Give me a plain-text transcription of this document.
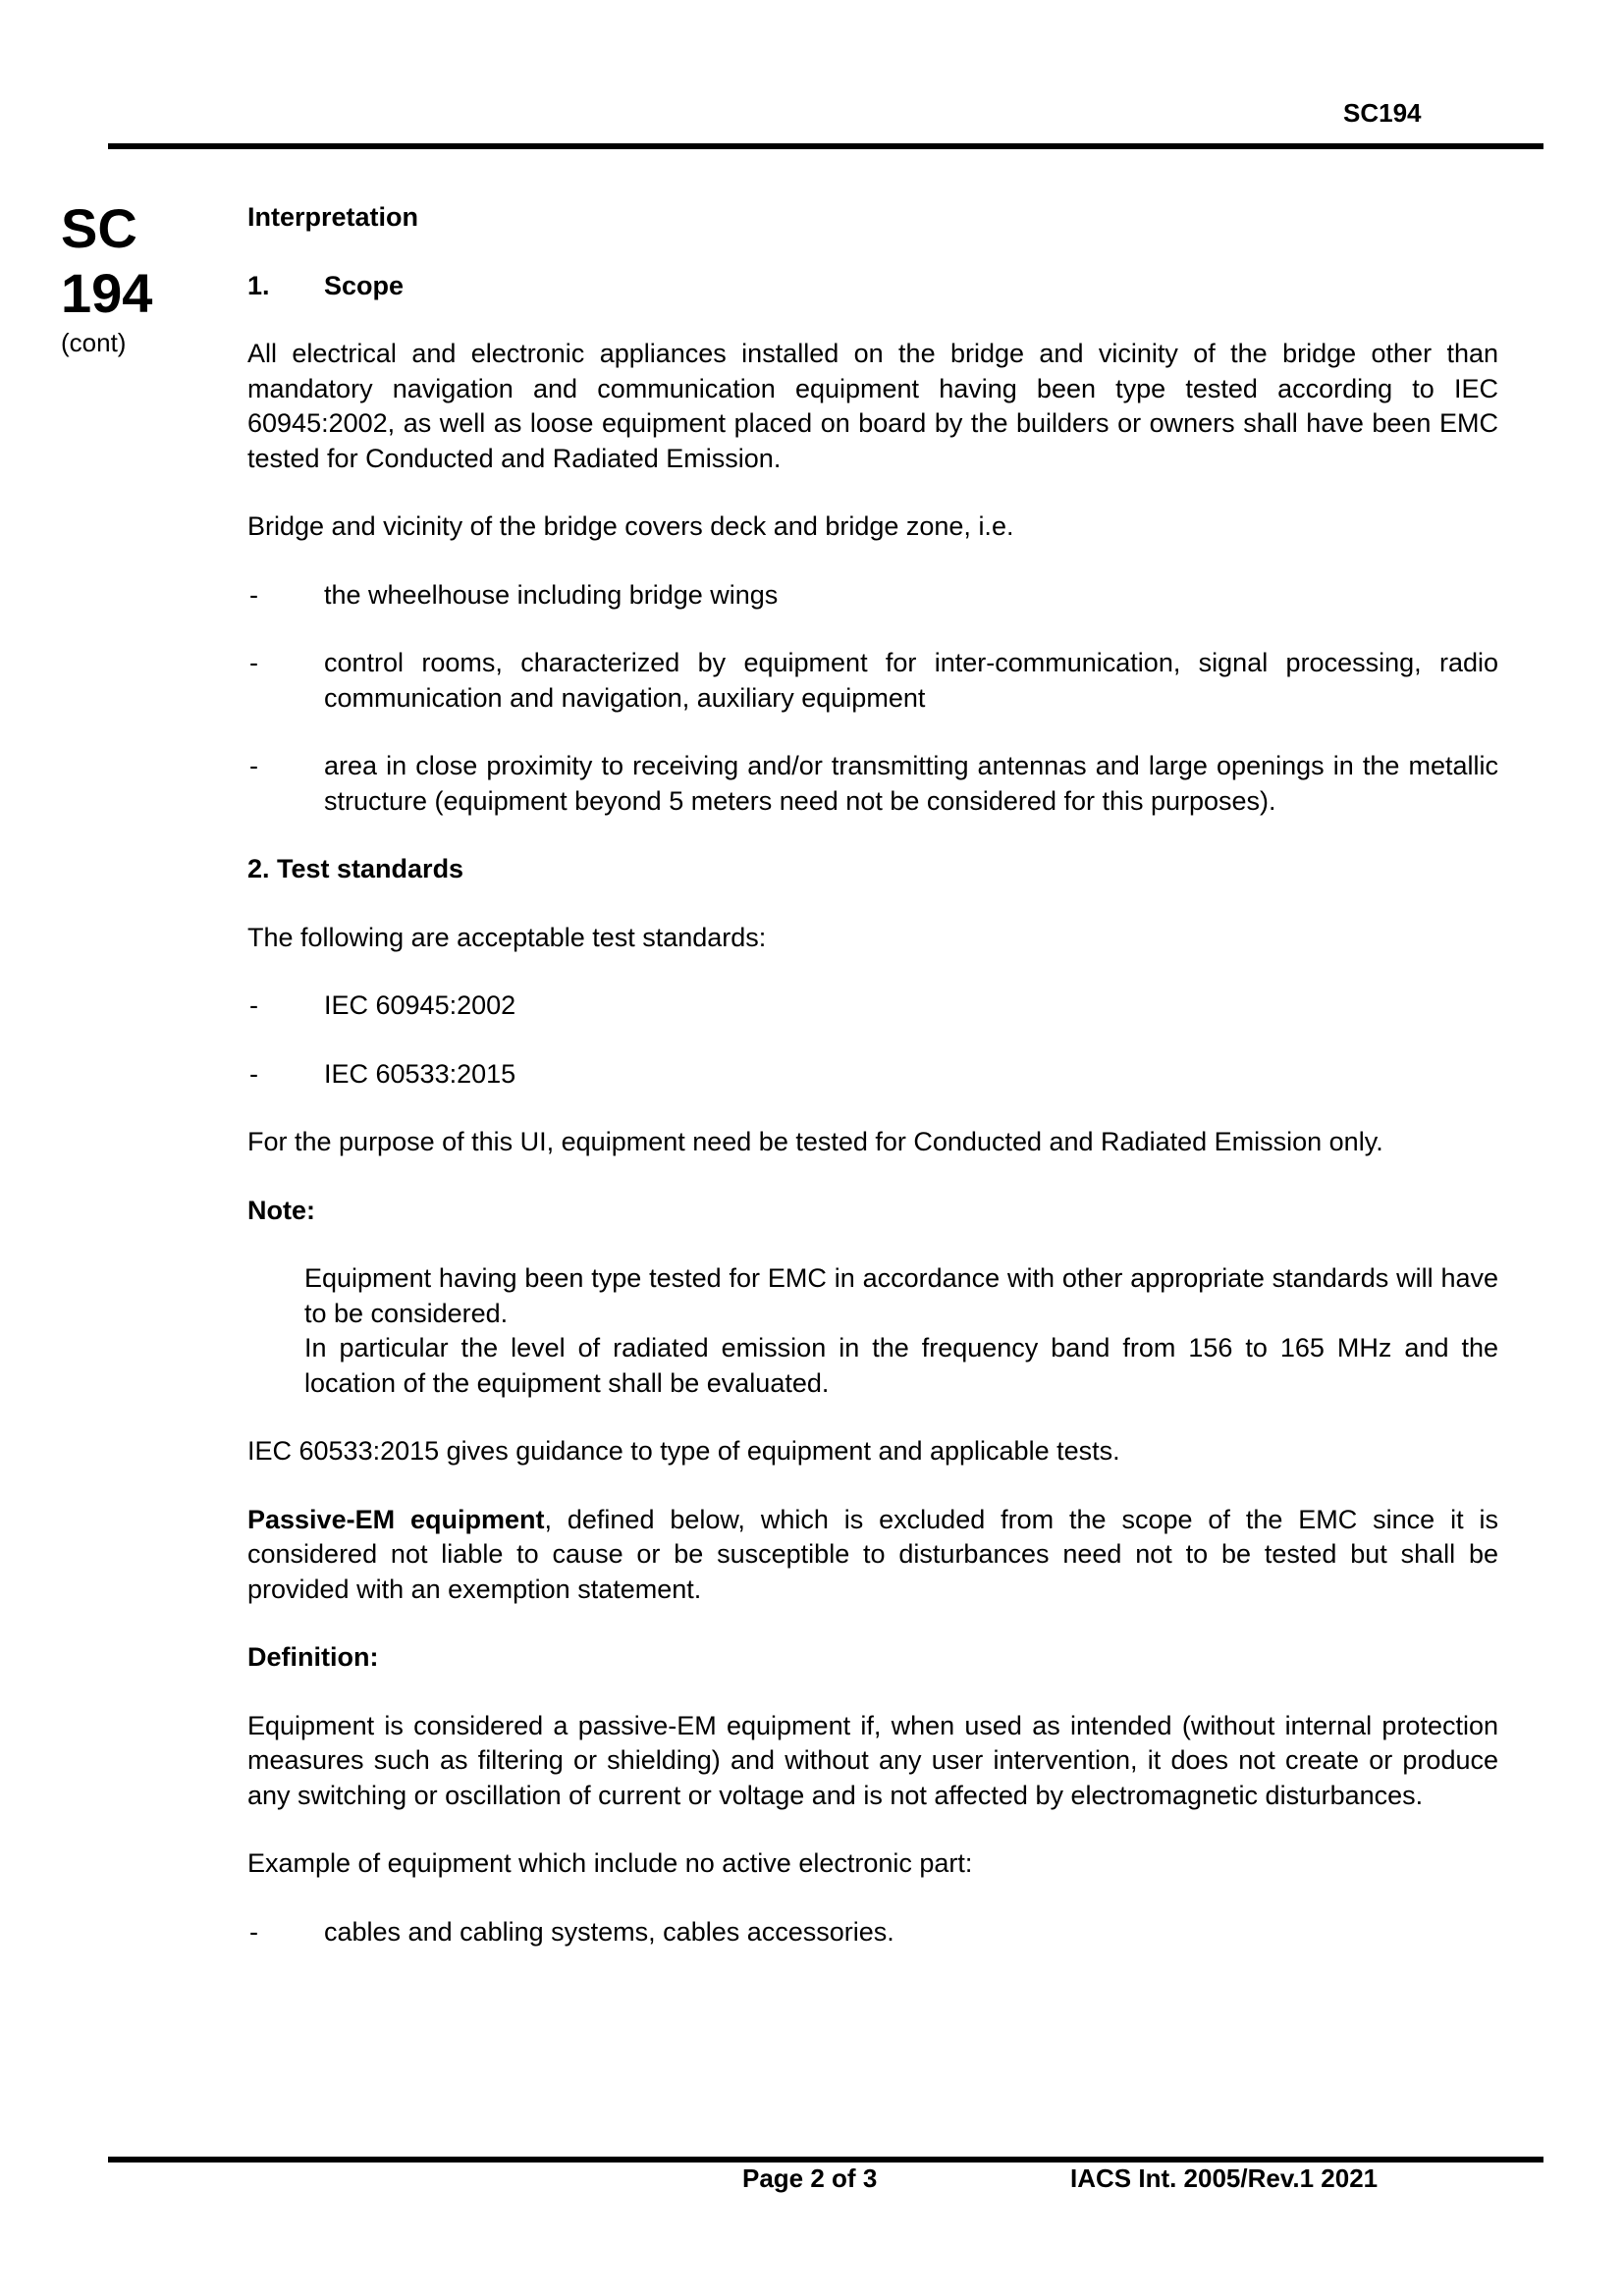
SC194
SC
194
(cont)

Interpretation

1. Scope

All electrical and electronic appliances installed on the bridge and vicinity of the bridge other than mandatory navigation and communication equipment having been type tested according to IEC 60945:2002, as well as loose equipment placed on board by the builders or owners shall have been EMC tested for Conducted and Radiated Emission.

Bridge and vicinity of the bridge covers deck and bridge zone, i.e.

- the wheelhouse including bridge wings
- control rooms, characterized by equipment for inter-communication, signal processing, radio communication and navigation, auxiliary equipment
- area in close proximity to receiving and/or transmitting antennas and large openings in the metallic structure (equipment beyond 5 meters need not be considered for this purposes).

2. Test standards

The following are acceptable test standards:

- IEC 60945:2002
- IEC 60533:2015

For the purpose of this UI, equipment need be tested for Conducted and Radiated Emission only.

Note:

Equipment having been type tested for EMC in accordance with other appropriate standards will have to be considered.
In particular the level of radiated emission in the frequency band from 156 to 165 MHz and the location of the equipment shall be evaluated.

IEC 60533:2015 gives guidance to type of equipment and applicable tests.

Passive-EM equipment, defined below, which is excluded from the scope of the EMC since it is considered not liable to cause or be susceptible to disturbances need not to be tested but shall be provided with an exemption statement.

Definition:

Equipment is considered a passive-EM equipment if, when used as intended (without internal protection measures such as filtering or shielding) and without any user intervention, it does not create or produce any switching or oscillation of current or voltage and is not affected by electromagnetic disturbances.

Example of equipment which include no active electronic part:

- cables and cabling systems, cables accessories.
Page 2 of 3	IACS Int. 2005/Rev.1 2021
